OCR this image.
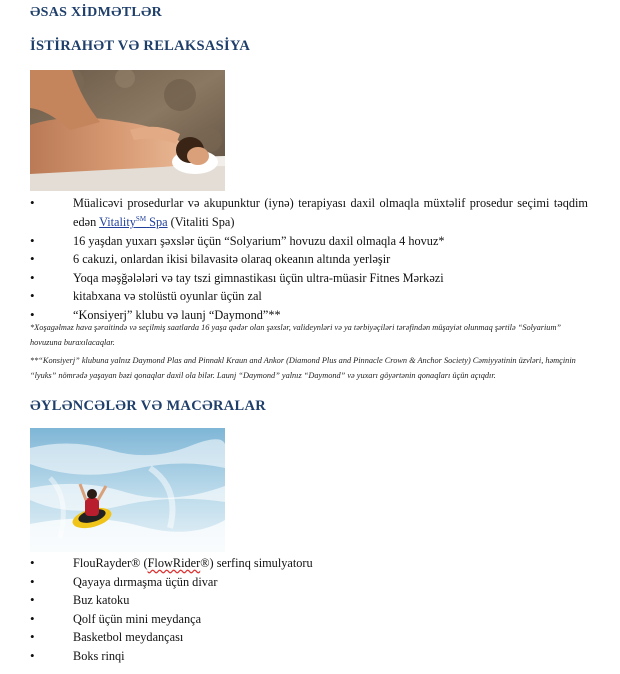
ƏSAS XİDMƏTLƏR
İSTİRAHƏT VƏ RELAKSASİYA
• Müalicəvi prosedurlar və akupunktur (iynə) terapiyası daxil olmaqla müxtəlif prosedur seçimi təqdim edən Vitality℠ Spa (Vitaliti Spa)
• 16 yaşdan yuxarı şəxslər üçün “Solyarium” hovuzu daxil olmaqla 4 hovuz*
• 6 cakuzi, onlardan ikisi bilavasitə olaraq okeanın altında yerləşir
• Yoqa məşğələləri və tay tszi gimnastikası üçün ultra-müasir Fitnes Mərkəzi
• kitabxana və stolüstü oyunlar üçün zal
• “Konsiyerj” klubu və launj “Daymond”**

*Xoşagəlməz hava şəraitində və seçilmiş saatlarda 16 yaşa qədər olan şəxslər, valideynləri və ya tərbiyəçiləri tərəfindən müşayiət olunmaq şərtilə “Solyarium” hovuzuna buraxılacaqlar.

**“Konsiyerj” klubuna yalnız Daymond Plas and Pinnakl Kraun and Ankor (Diamond Plus and Pinnacle Crown & Anchor Society) Cəmiyyətinin üzvləri, həmçinin “lyuks” nömrədə yaşayan bəzi qonaqlar daxil ola bilər. Launj “Daymond” yalnız “Daymond” və yuxarı göyərtənin qonaqları üçün açıqdır.

ƏYLƏNCƏLƏR VƏ MACƏRALAR
• FlouRayder® (FlowRider®) serfinq simulyatoru
• Qayaya dırmaşma üçün divar
• Buz katoku
• Qolf üçün mini meydança
• Basketbol meydançası
• Boks rinqi
